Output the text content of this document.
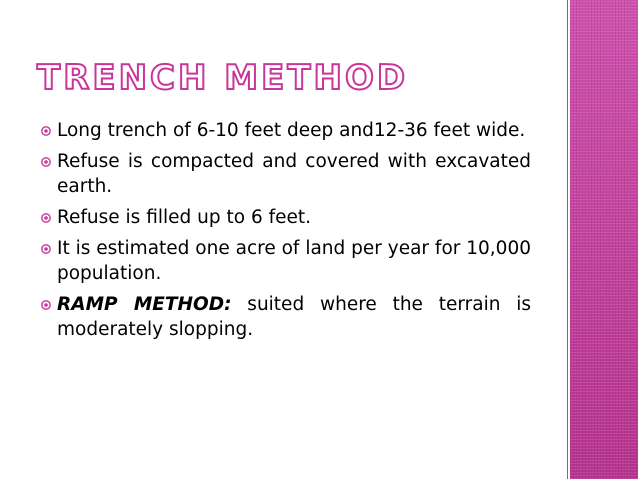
TRENCH METHOD
Long trench of 6-10 feet deep and12-36 feet wide.
Refuse is compacted and covered with excavated earth.
Refuse is filled up to 6 feet.
It is estimated one acre of land per year for 10,000 population.
RAMP METHOD: suited where the terrain is moderately slopping.
